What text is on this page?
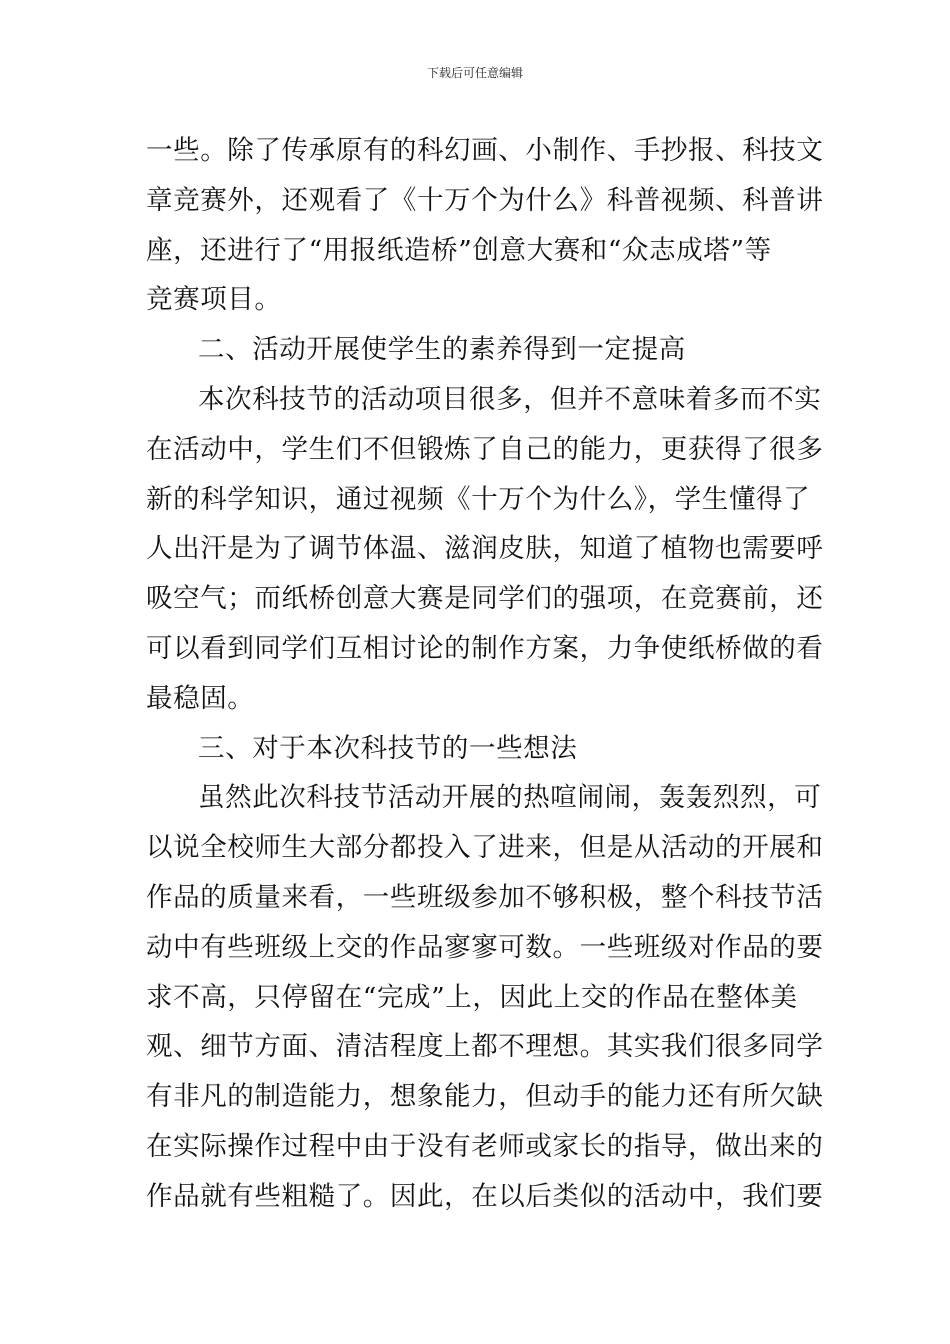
下载后可任意编辑
一些。除了传承原有的科幻画、小制作、手抄报、科技文
章竞赛外，还观看了《十万个为什么》科普视频、科普讲
座，还进行了“用报纸造桥”创意大赛和“众志成塔”等
竞赛项目。
二、活动开展使学生的素养得到一定提高
本次科技节的活动项目很多，但并不意味着多而不实
在活动中，学生们不但锻炼了自己的能力，更获得了很多
新的科学知识，通过视频《十万个为什么》，学生懂得了
人出汗是为了调节体温、滋润皮肤，知道了植物也需要呼
吸空气；而纸桥创意大赛是同学们的强项，在竞赛前，还
可以看到同学们互相讨论的制作方案，力争使纸桥做的看
最稳固。
三、对于本次科技节的一些想法
虽然此次科技节活动开展的热喧闹闹，轰轰烈烈，可
以说全校师生大部分都投入了进来，但是从活动的开展和
作品的质量来看，一些班级参加不够积极，整个科技节活
动中有些班级上交的作品寥寥可数。一些班级对作品的要
求不高，只停留在“完成”上，因此上交的作品在整体美
观、细节方面、清洁程度上都不理想。其实我们很多同学
有非凡的制造能力，想象能力，但动手的能力还有所欠缺
在实际操作过程中由于没有老师或家长的指导，做出来的
作品就有些粗糙了。因此，在以后类似的活动中，我们要
